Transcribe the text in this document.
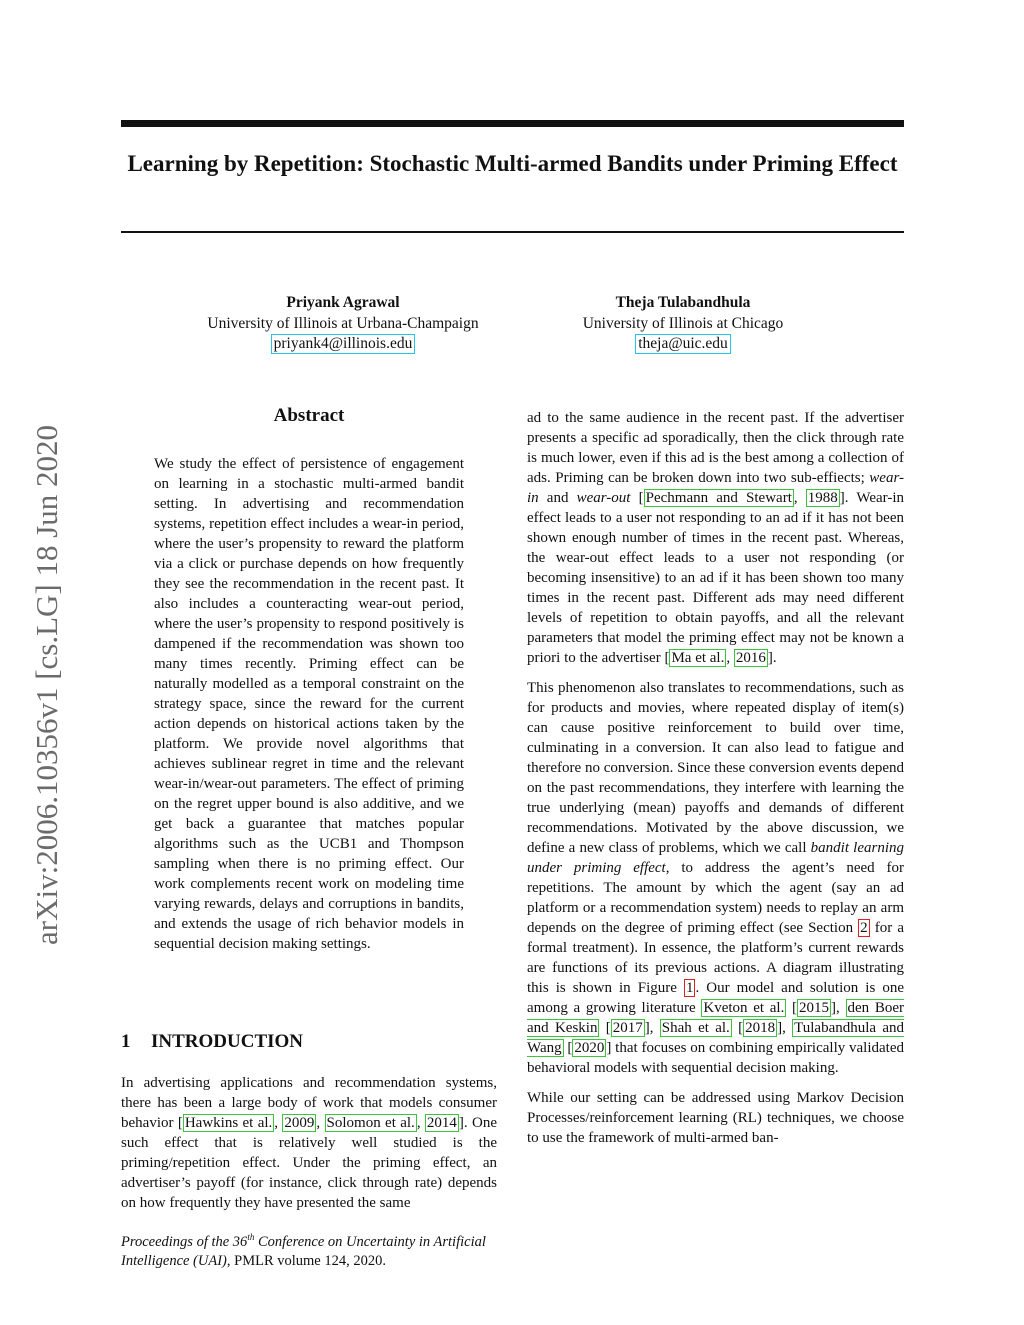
Learning by Repetition: Stochastic Multi-armed Bandits under Priming Effect
Priyank Agrawal
University of Illinois at Urbana-Champaign
priyank4@illinois.edu
Theja Tulabandhula
University of Illinois at Chicago
theja@uic.edu
arXiv:2006.10356v1 [cs.LG] 18 Jun 2020
Abstract

We study the effect of persistence of engagement on learning in a stochastic multi-armed bandit setting. In advertising and recommendation systems, repetition effect includes a wear-in period, where the user’s propensity to reward the platform via a click or purchase depends on how frequently they see the recommendation in the recent past. It also includes a counteracting wear-out period, where the user’s propensity to respond positively is dampened if the recommendation was shown too many times recently. Priming effect can be naturally modelled as a temporal constraint on the strategy space, since the reward for the current action depends on historical actions taken by the platform. We provide novel algorithms that achieves sublinear regret in time and the relevant wear-in/wear-out parameters. The effect of priming on the regret upper bound is also additive, and we get back a guarantee that matches popular algorithms such as the UCB1 and Thompson sampling when there is no priming effect. Our work complements recent work on modeling time varying rewards, delays and corruptions in bandits, and extends the usage of rich behavior models in sequential decision making settings.

1 INTRODUCTION

In advertising applications and recommendation systems, there has been a large body of work that models consumer behavior [ Hawkins et al. , 2009 , Solomon et al. , 2014 ]. One such effect that is relatively well studied is the priming/repetition effect. Under the priming effect, an advertiser’s payoff (for instance, click through rate) depends on how frequently they have presented the same

Proceedings of the 36th Conference on Uncertainty in Artificial Intelligence (UAI), PMLR volume 124, 2020.

ad to the same audience in the recent past. If the advertiser presents a specific ad sporadically, then the click through rate is much lower, even if this ad is the best among a collection of ads. Priming can be broken down into two sub-effiects; wear-in and wear-out [ Pechmann and Stewart , 1988 ]. Wear-in effect leads to a user not responding to an ad if it has not been shown enough number of times in the recent past. Whereas, the wear-out effect leads to a user not responding (or becoming insensitive) to an ad if it has been shown too many times in the recent past. Different ads may need different levels of repetition to obtain payoffs, and all the relevant parameters that model the priming effect may not be known a priori to the advertiser [ Ma et al. , 2016 ].

This phenomenon also translates to recommendations, such as for products and movies, where repeated display of item(s) can cause positive reinforcement to build over time, culminating in a conversion. It can also lead to fatigue and therefore no conversion. Since these conversion events depend on the past recommendations, they interfere with learning the true underlying (mean) payoffs and demands of different recommendations. Motivated by the above discussion, we define a new class of problems, which we call bandit learning under priming effect, to address the agent’s need for repetitions. The amount by which the agent (say an ad platform or a recommendation system) needs to replay an arm depends on the degree of priming effect (see Section 2 for a formal treatment). In essence, the platform’s current rewards are functions of its previous actions. A diagram illustrating this is shown in Figure 1 . Our model and solution is one among a growing literature Kveton et al. [ 2015 ], den Boer and Keskin [ 2017 ], Shah et al. [ 2018 ], Tulabandhula and Wang [ 2020 ] that focuses on combining empirically validated behavioral models with sequential decision making.

While our setting can be addressed using Markov Decision Processes/reinforcement learning (RL) techniques, we choose to use the framework of multi-armed ban-
